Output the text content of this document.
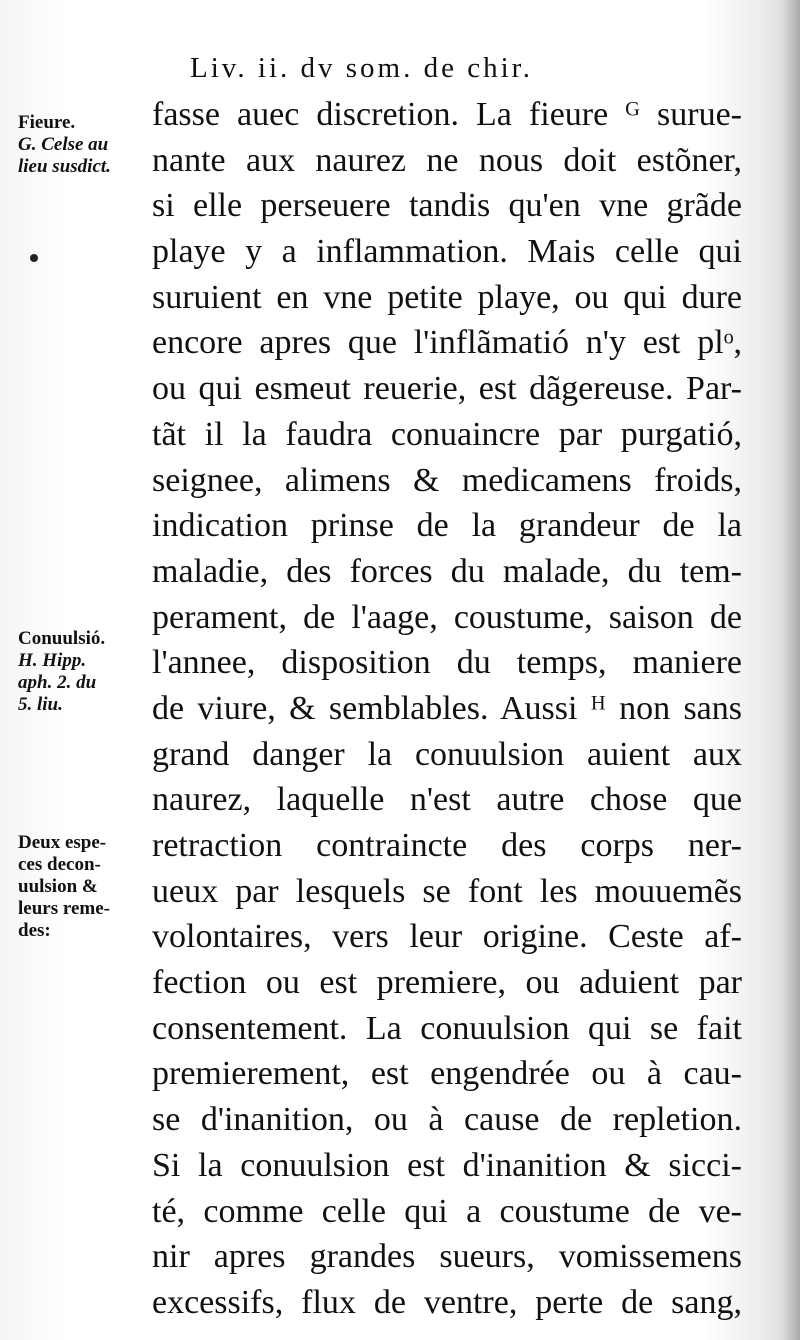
Liv. ii. dv som. de chir.
Fieure.
G. Celse au
lieu susdict.
Conuulsió.
H. Hipp.
aph. 2. du
5. liu.
Deux espe-
ces decon-
uulsion &
leurs reme-
des:
fasse auec discretion. La fieure ᴳ surue-
nante aux naurez ne nous doit estõner,
si elle perseuere tandis qu'en vne grãde
playe y a inflammation. Mais celle qui
suruient en vne petite playe, ou qui dure
encore apres que l'inflãmatió n'y est plᵒ,
ou qui esmeut reuerie, est dãgereuse. Par-
tãt il la faudra conuaincre par purgatió,
seignee, alimens & medicamens froids,
indication prinse de la grandeur de la
maladie, des forces du malade, du tem-
perament, de l'aage, coustume, saison de
l'annee, disposition du temps, maniere
de viure, & semblables. Aussi ᴴ non sans
grand danger la conuulsion auient aux
naurez, laquelle n'est autre chose que
retraction contraincte des corps ner-
ueux par lesquels se font les mouuemẽs
volontaires, vers leur origine. Ceste af-
fection ou est premiere, ou aduient par
consentement. La conuulsion qui se fait
premierement, est engendrée ou à cau-
se d'inanition, ou à cause de repletion.
Si la conuulsion est d'inanition & sicci-
té, comme celle qui a coustume de ve-
nir apres grandes sueurs, vomissemens
excessifs, flux de ventre, perte de sang,
